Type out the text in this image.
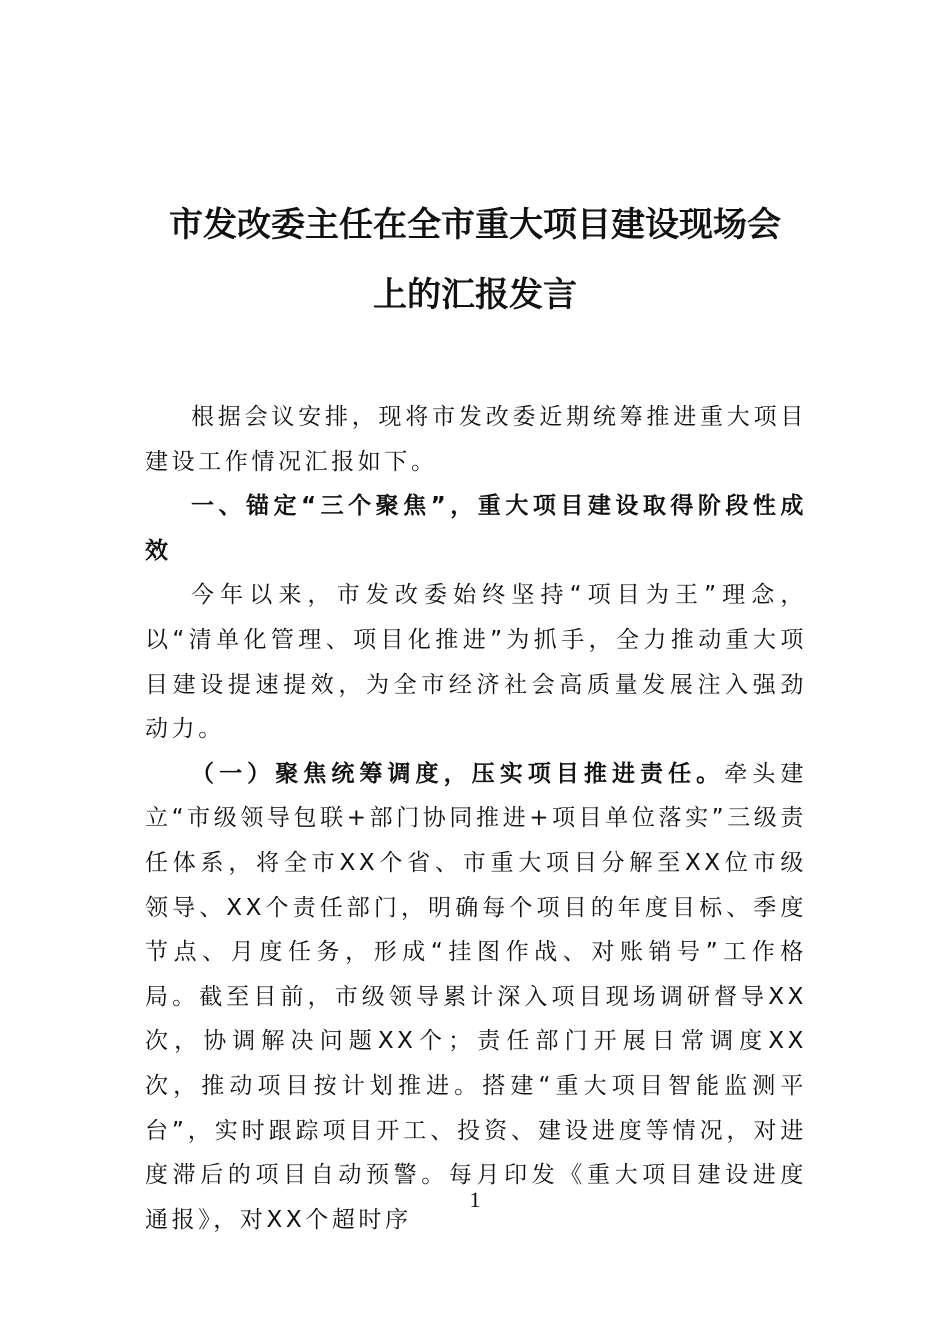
市发改委主任在全市重大项目建设现场会
上的汇报发言

根据会议安排，现将市发改委近期统筹推进重大项目建设工作情况汇报如下。

一、锚定“三个聚焦”，重大项目建设取得阶段性成效

今年以来，市发改委始终坚持“项目为王”理念，以“清单化管理、项目化推进”为抓手，全力推动重大项目建设提速提效，为全市经济社会高质量发展注入强劲动力。

（一）聚焦统筹调度，压实项目推进责任。牵头建立“市级领导包联+部门协同推进+项目单位落实”三级责任体系，将全市XX个省、市重大项目分解至XX位市级领导、XX个责任部门，明确每个项目的年度目标、季度节点、月度任务，形成“挂图作战、对账销号”工作格局。截至目前，市级领导累计深入项目现场调研督导XX次，协调解决问题XX个；责任部门开展日常调度XX次，推动项目按计划推进。搭建“重大项目智能监测平台”，实时跟踪项目开工、投资、建设进度等情况，对进度滞后的项目自动预警。每月印发《重大项目建设进度通报》，对XX个超时序

1
